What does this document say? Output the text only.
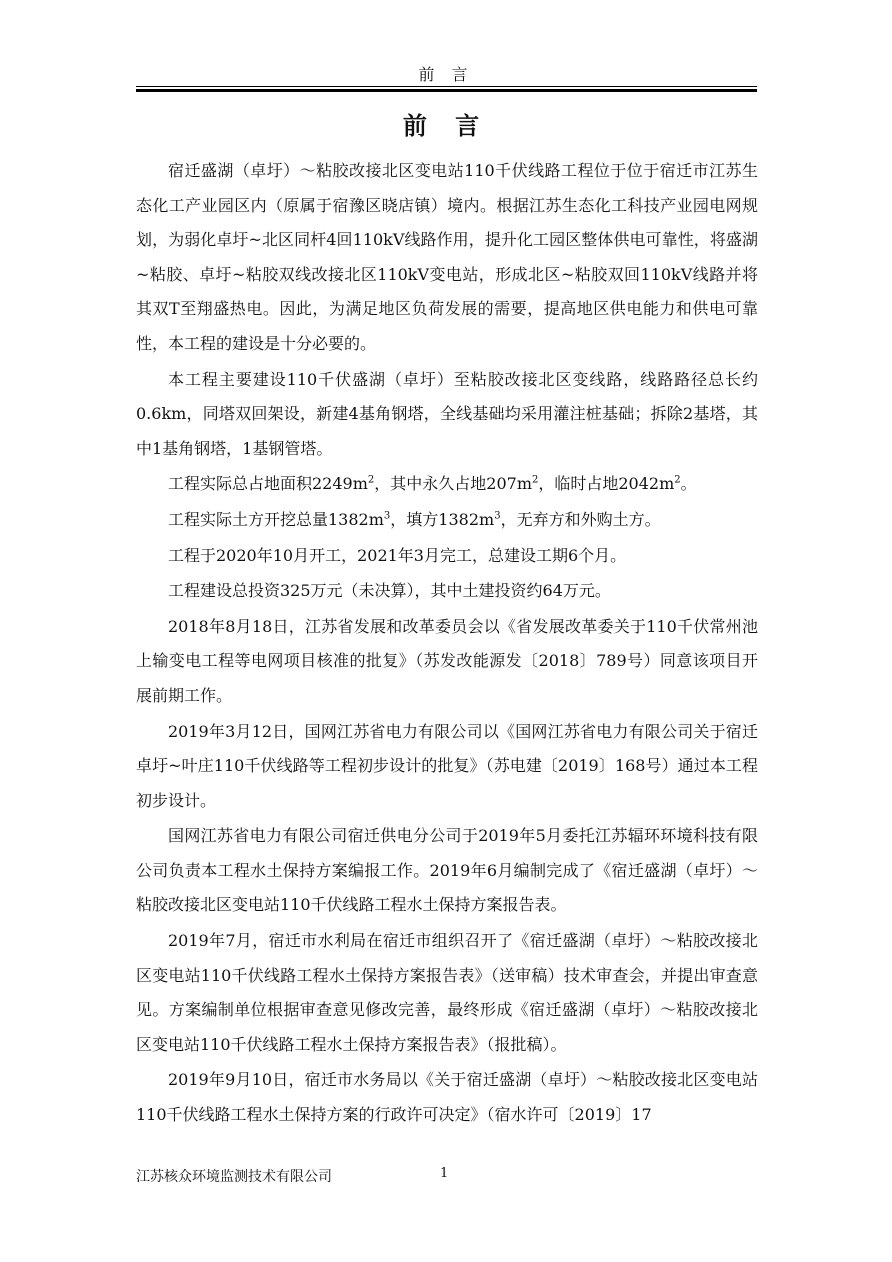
前 言
前 言

宿迁盛湖（卓圩）～粘胶改接北区变电站110千伏线路工程位于位于宿迁市江苏生态化工产业园区内（原属于宿豫区晓店镇）境内。根据江苏生态化工科技产业园电网规划，为弱化卓圩~北区同杆4回110kV线路作用，提升化工园区整体供电可靠性，将盛湖~粘胶、卓圩~粘胶双线改接北区110kV变电站，形成北区~粘胶双回110kV线路并将其双T至翔盛热电。因此，为满足地区负荷发展的需要，提高地区供电能力和供电可靠性，本工程的建设是十分必要的。

本工程主要建设110千伏盛湖（卓圩）至粘胶改接北区变线路，线路路径总长约0.6km，同塔双回架设，新建4基角钢塔，全线基础均采用灌注桩基础；拆除2基塔，其中1基角钢塔，1基钢管塔。

工程实际总占地面积$2249m^2$，其中永久占地$207m^2$，临时占地$2042m^2$。

工程实际土方开挖总量$1382m^3$，填方$1382m^3$，无弃方和外购土方。

工程于2020年10月开工，2021年3月完工，总建设工期6个月。

工程建设总投资325万元（未决算），其中土建投资约64万元。

2018年8月18日，江苏省发展和改革委员会以《省发展改革委关于110千伏常州池上输变电工程等电网项目核准的批复》（苏发改能源发〔2018〕789号）同意该项目开展前期工作。

2019年3月12日，国网江苏省电力有限公司以《国网江苏省电力有限公司关于宿迁卓圩~叶庄110千伏线路等工程初步设计的批复》（苏电建〔2019〕168号）通过本工程初步设计。

国网江苏省电力有限公司宿迁供电分公司于2019年5月委托江苏辐环环境科技有限公司负责本工程水土保持方案编报工作。2019年6月编制完成了《宿迁盛湖（卓圩）～粘胶改接北区变电站110千伏线路工程水土保持方案报告表。

2019年7月，宿迁市水利局在宿迁市组织召开了《宿迁盛湖（卓圩）～粘胶改接北区变电站110千伏线路工程水土保持方案报告表》（送审稿）技术审查会，并提出审查意见。方案编制单位根据审查意见修改完善，最终形成《宿迁盛湖（卓圩）～粘胶改接北区变电站110千伏线路工程水土保持方案报告表》（报批稿）。

2019年9月10日，宿迁市水务局以《关于宿迁盛湖（卓圩）～粘胶改接北区变电站110千伏线路工程水土保持方案的行政许可决定》（宿水许可〔2019〕17

江苏核众环境监测技术有限公司	1
